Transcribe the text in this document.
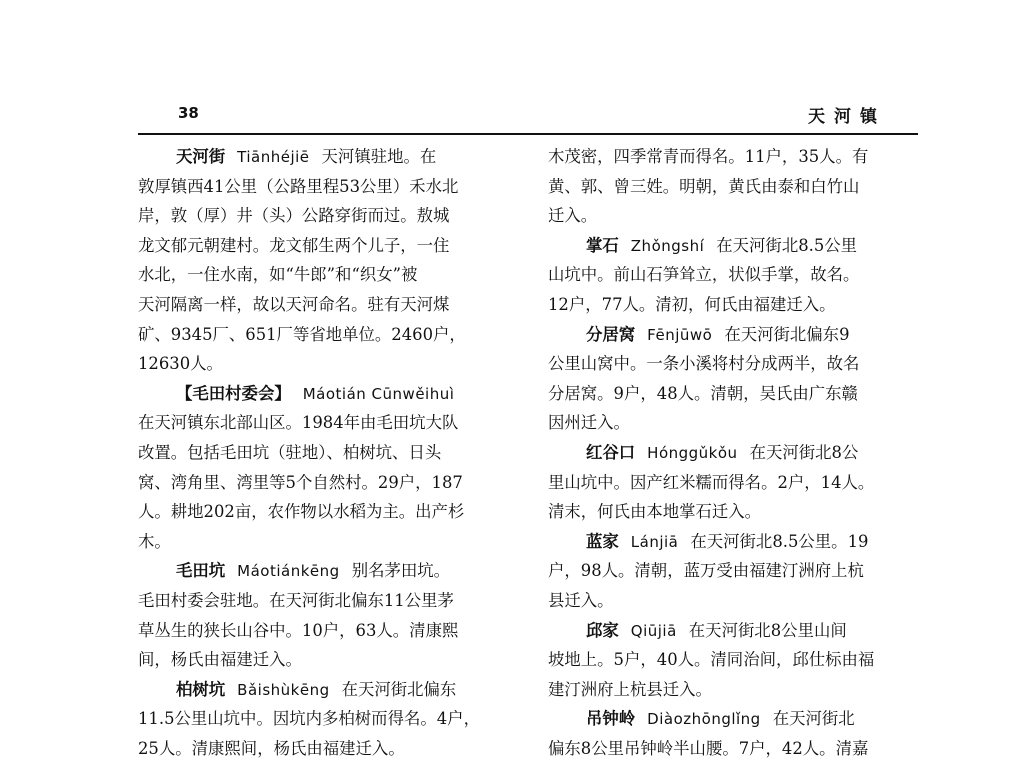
38	天河镇
天河街 Tiānhéjiē 天河镇驻地。在
敦厚镇西41公里（公路里程53公里）禾水北
岸，敦（厚）井（头）公路穿街而过。敖城
龙文郁元朝建村。龙文郁生两个儿子，一住
水北，一住水南，如“牛郎”和“织女”被
天河隔离一样，故以天河命名。驻有天河煤
矿、9345厂、651厂等省地单位。2460户，
12630人。
【毛田村委会】 Máotián Cūnwěihuì
在天河镇东北部山区。1984年由毛田坑大队
改置。包括毛田坑（驻地）、柏树坑、日头
窝、湾角里、湾里等5个自然村。29户，187
人。耕地202亩，农作物以水稻为主。出产杉
木。
毛田坑 Máotiánkēng 别名茅田坑。
毛田村委会驻地。在天河街北偏东11公里茅
草丛生的狭长山谷中。10户，63人。清康熙
间，杨氏由福建迁入。
柏树坑 Bǎishùkēng 在天河街北偏东
11.5公里山坑中。因坑内多柏树而得名。4户，
25人。清康熙间，杨氏由福建迁入。
木茂密，四季常青而得名。11户，35人。有
黄、郭、曾三姓。明朝，黄氏由泰和白竹山
迁入。
掌石 Zhǒngshí 在天河街北8.5公里
山坑中。前山石笋耸立，状似手掌，故名。
12户，77人。清初，何氏由福建迁入。
分居窝 Fēnjūwō 在天河街北偏东9
公里山窝中。一条小溪将村分成两半，故名
分居窝。9户，48人。清朝，吴氏由广东赣
因州迁入。
红谷口 Hónggǔkǒu 在天河街北8公
里山坑中。因产红米糯而得名。2户，14人。
清末，何氏由本地掌石迁入。
蓝家 Lánjiā 在天河街北8.5公里。19
户，98人。清朝，蓝万受由福建汀洲府上杭
县迁入。
邱家 Qiūjiā 在天河街北8公里山间
坡地上。5户，40人。清同治间，邱仕标由福
建汀洲府上杭县迁入。
吊钟岭 Diàozhōnglǐng 在天河街北
偏东8公里吊钟岭半山腰。7户，42人。清嘉
